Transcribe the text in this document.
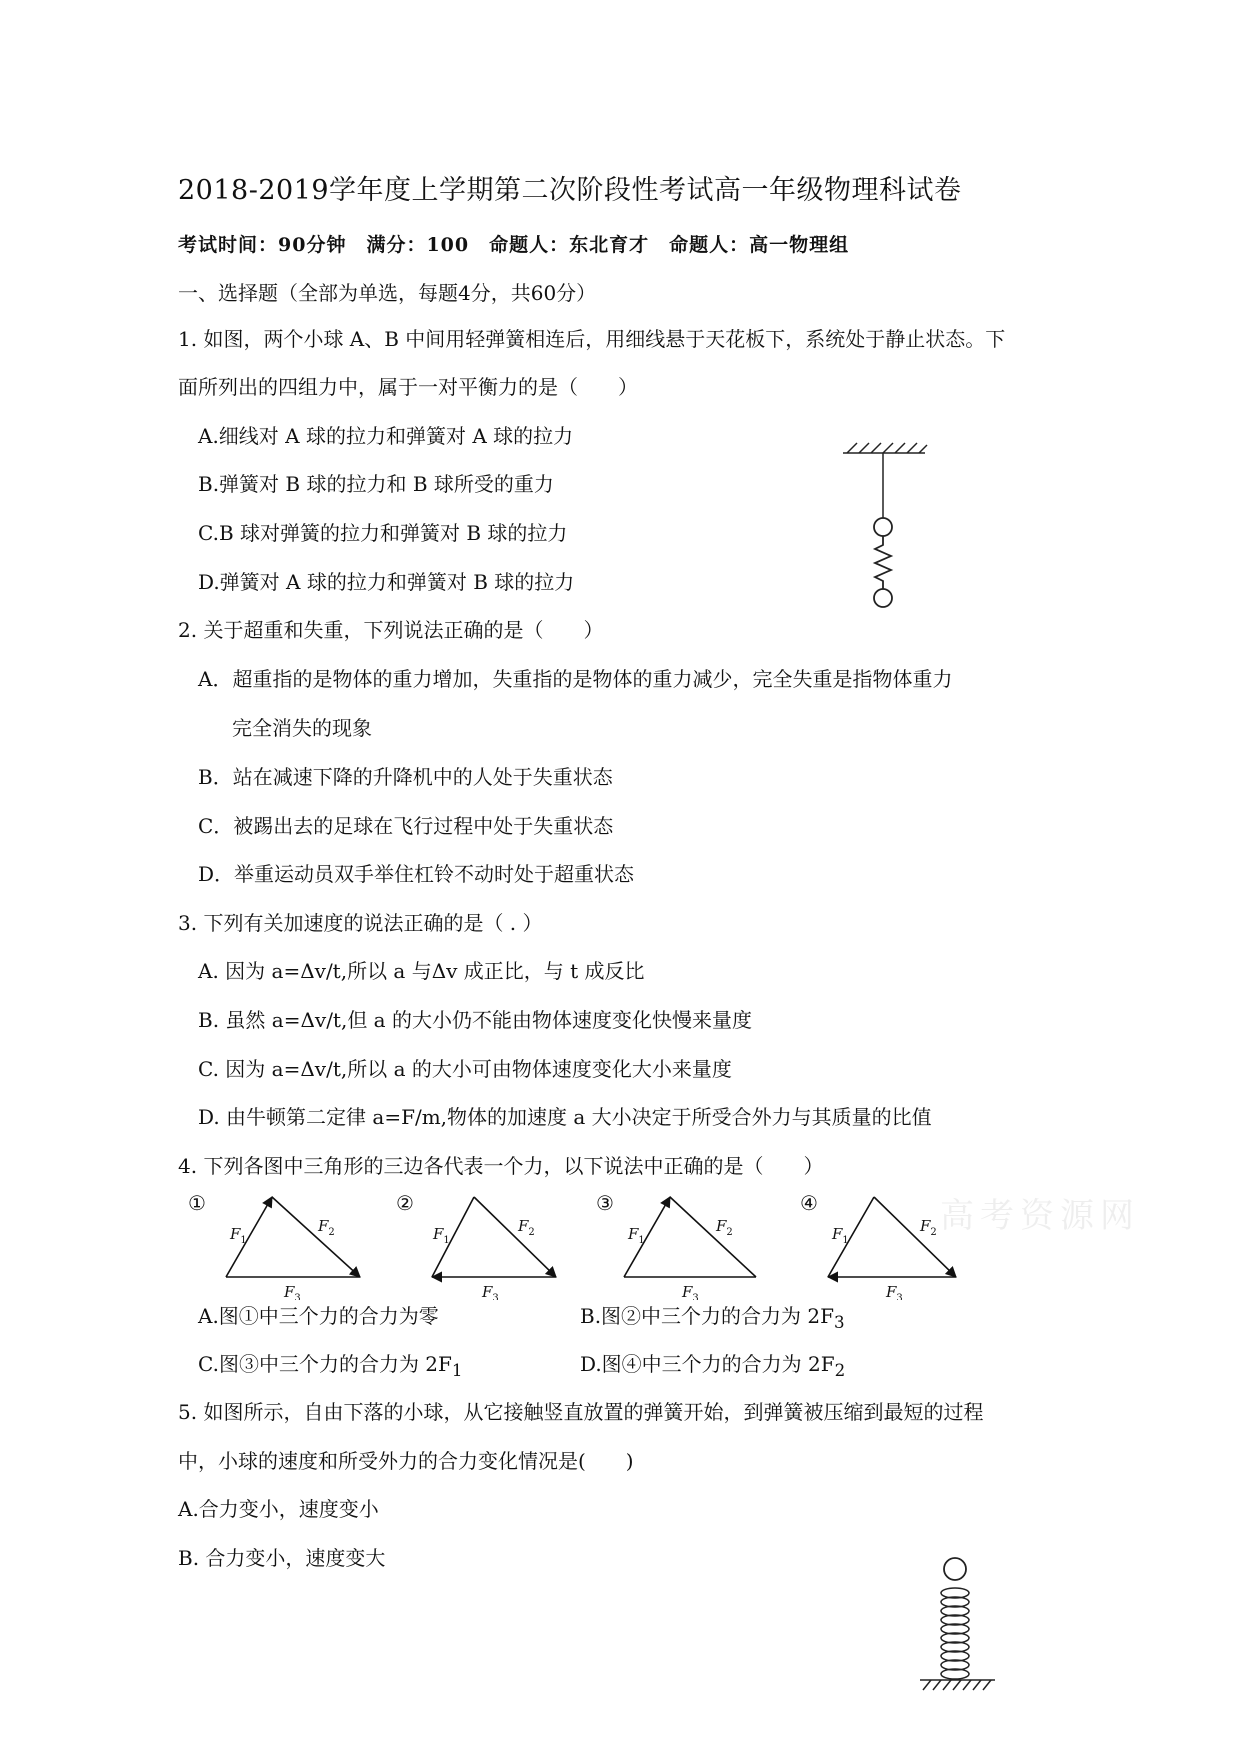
2018-2019学年度上学期第二次阶段性考试高一年级物理科试卷
考试时间：90分钟　满分：100　命题人：东北育才　命题人：高一物理组
一、选择题（全部为单选，每题4分，共60分）
1. 如图，两个小球 A、B 中间用轻弹簧相连后，用细线悬于天花板下，系统处于静止状态。下
面所列出的四组力中，属于一对平衡力的是（　　）
A.细线对 A 球的拉力和弹簧对 A 球的拉力
B.弹簧对 B 球的拉力和 B 球所受的重力
C.B 球对弹簧的拉力和弹簧对 B 球的拉力
D.弹簧对 A 球的拉力和弹簧对 B 球的拉力
2. 关于超重和失重，下列说法正确的是（　　）
A．超重指的是物体的重力增加，失重指的是物体的重力减少，完全失重是指物体重力
完全消失的现象
B．站在减速下降的升降机中的人处于失重状态
C．被踢出去的足球在飞行过程中处于失重状态
D．举重运动员双手举住杠铃不动时处于超重状态
3. 下列有关加速度的说法正确的是（ . ）
A. 因为 a=Δv/t,所以 a 与Δv 成正比，与 t 成反比
B. 虽然 a=Δv/t,但 a 的大小仍不能由物体速度变化快慢来量度
C. 因为 a=Δv/t,所以 a 的大小可由物体速度变化大小来量度
D. 由牛顿第二定律 a=F/m,物体的加速度 a 大小决定于所受合外力与其质量的比值
4. 下列各图中三角形的三边各代表一个力，以下说法中正确的是（　　）
①	②	③	④
$F_1$
$F_2$
$F_3$
$F_1$
$F_2$
$F_3$
$F_1$
$F_2$
$F_3$
$F_1$
$F_2$
$F_3$
高考资源网
A.图①中三个力的合力为零	B.图②中三个力的合力为 $2F_3$
C.图③中三个力的合力为 $2F_1$	D.图④中三个力的合力为 $2F_2$
5. 如图所示，自由下落的小球，从它接触竖直放置的弹簧开始，到弹簧被压缩到最短的过程
中，小球的速度和所受外力的合力变化情况是(　　)
A.合力变小，速度变小
B. 合力变小，速度变大
